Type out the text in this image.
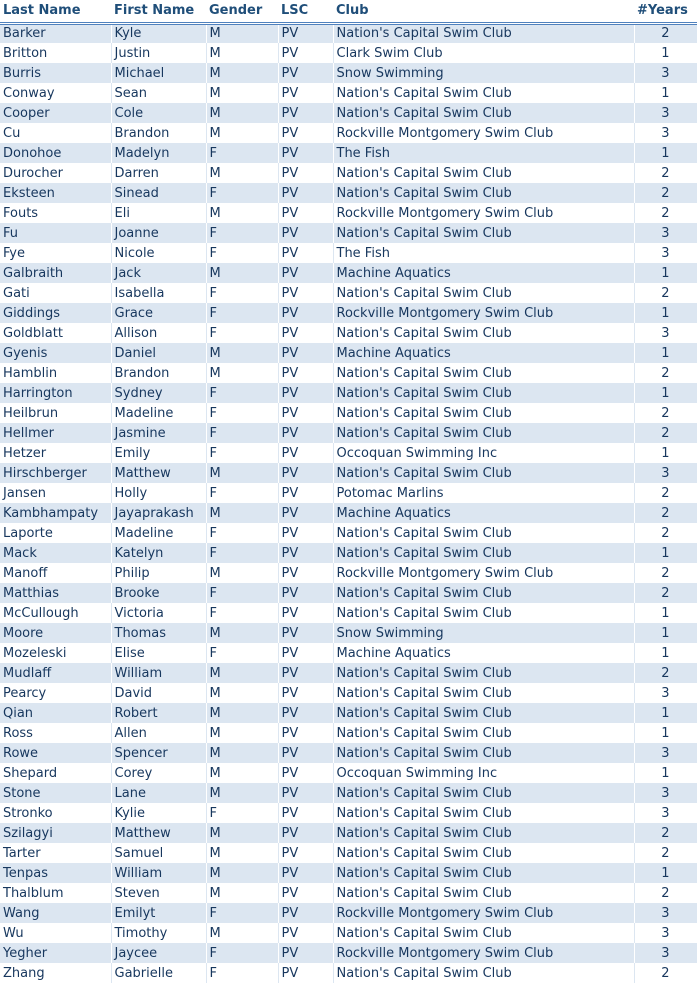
Last Name	First Name	Gender	LSC	Club	#Years
Barker	Kyle	M	PV	Nation's Capital Swim Club	2
Britton	Justin	M	PV	Clark Swim Club	1
Burris	Michael	M	PV	Snow Swimming	3
Conway	Sean	M	PV	Nation's Capital Swim Club	1
Cooper	Cole	M	PV	Nation's Capital Swim Club	3
Cu	Brandon	M	PV	Rockville Montgomery Swim Club	3
Donohoe	Madelyn	F	PV	The Fish	1
Durocher	Darren	M	PV	Nation's Capital Swim Club	2
Eksteen	Sinead	F	PV	Nation's Capital Swim Club	2
Fouts	Eli	M	PV	Rockville Montgomery Swim Club	2
Fu	Joanne	F	PV	Nation's Capital Swim Club	3
Fye	Nicole	F	PV	The Fish	3
Galbraith	Jack	M	PV	Machine Aquatics	1
Gati	Isabella	F	PV	Nation's Capital Swim Club	2
Giddings	Grace	F	PV	Rockville Montgomery Swim Club	1
Goldblatt	Allison	F	PV	Nation's Capital Swim Club	3
Gyenis	Daniel	M	PV	Machine Aquatics	1
Hamblin	Brandon	M	PV	Nation's Capital Swim Club	2
Harrington	Sydney	F	PV	Nation's Capital Swim Club	1
Heilbrun	Madeline	F	PV	Nation's Capital Swim Club	2
Hellmer	Jasmine	F	PV	Nation's Capital Swim Club	2
Hetzer	Emily	F	PV	Occoquan Swimming Inc	1
Hirschberger	Matthew	M	PV	Nation's Capital Swim Club	3
Jansen	Holly	F	PV	Potomac Marlins	2
Kambhampaty	Jayaprakash	M	PV	Machine Aquatics	2
Laporte	Madeline	F	PV	Nation's Capital Swim Club	2
Mack	Katelyn	F	PV	Nation's Capital Swim Club	1
Manoff	Philip	M	PV	Rockville Montgomery Swim Club	2
Matthias	Brooke	F	PV	Nation's Capital Swim Club	2
McCullough	Victoria	F	PV	Nation's Capital Swim Club	1
Moore	Thomas	M	PV	Snow Swimming	1
Mozeleski	Elise	F	PV	Machine Aquatics	1
Mudlaff	William	M	PV	Nation's Capital Swim Club	2
Pearcy	David	M	PV	Nation's Capital Swim Club	3
Qian	Robert	M	PV	Nation's Capital Swim Club	1
Ross	Allen	M	PV	Nation's Capital Swim Club	1
Rowe	Spencer	M	PV	Nation's Capital Swim Club	3
Shepard	Corey	M	PV	Occoquan Swimming Inc	1
Stone	Lane	M	PV	Nation's Capital Swim Club	3
Stronko	Kylie	F	PV	Nation's Capital Swim Club	3
Szilagyi	Matthew	M	PV	Nation's Capital Swim Club	2
Tarter	Samuel	M	PV	Nation's Capital Swim Club	2
Tenpas	William	M	PV	Nation's Capital Swim Club	1
Thalblum	Steven	M	PV	Nation's Capital Swim Club	2
Wang	Emilyt	F	PV	Rockville Montgomery Swim Club	3
Wu	Timothy	M	PV	Nation's Capital Swim Club	3
Yegher	Jaycee	F	PV	Rockville Montgomery Swim Club	3
Zhang	Gabrielle	F	PV	Nation's Capital Swim Club	2
